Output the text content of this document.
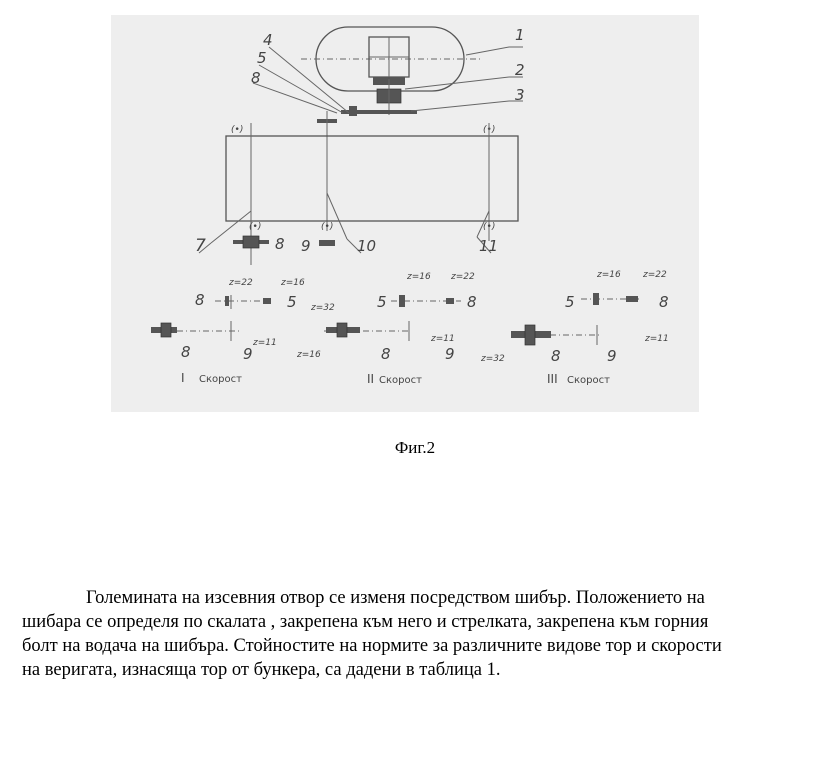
1
2
3
4
5
8
(•)	(•)
(•)	(•)	(•)
7	8 9	10	11
z=22	z=16
z=11
8	5
8	9
I Скорост
z=32
z=16
z=16 z=22
z=11
5	8
8	9
II Скорост
z=16 z=22
z=32
z=11
5	8
8	9
III Скорост
Фиг.2

Големината на изсевния отвор се изменя посредством шибър. Положението на шибара се определя по скалата , закрепена към него и стрелката, закрепена към горния болт на водача на шибъра. Стойностите на нормите за различните видове тор и скорости на веригата, изнасяща тор от бункера, са дадени в таблица 1.
